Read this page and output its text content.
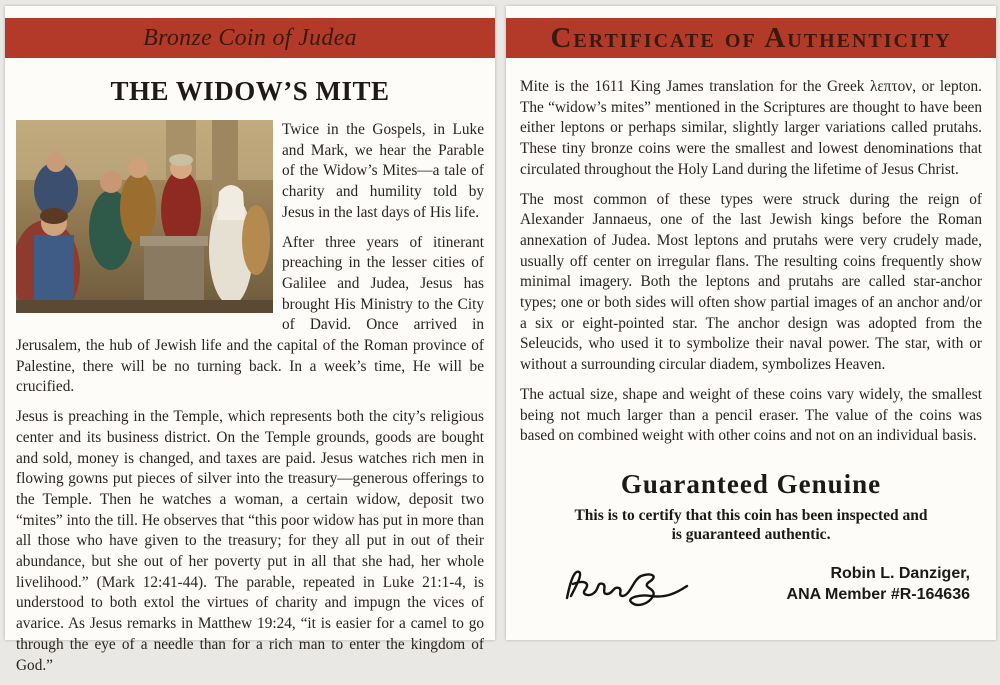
Bronze Coin of Judea
THE WIDOW’S MITE

Twice in the Gospels, in Luke and Mark, we hear the Parable of the Widow’s Mites—a tale of charity and humility told by Jesus in the last days of His life.

After three years of itinerant preaching in the lesser cities of Galilee and Judea, Jesus has brought His Ministry to the City of David. Once arrived in Jerusalem, the hub of Jewish life and the capital of the Roman province of Palestine, there will be no turning back. In a week’s time, He will be crucified.

Jesus is preaching in the Temple, which represents both the city’s religious center and its business district. On the Temple grounds, goods are bought and sold, money is changed, and taxes are paid. Jesus watches rich men in flowing gowns put pieces of silver into the treasury—generous offerings to the Temple. Then he watches a woman, a certain widow, deposit two “mites” into the till. He observes that “this poor widow has put in more than all those who have given to the treasury; for they all put in out of their abundance, but she out of her poverty put in all that she had, her whole livelihood.” (Mark 12:41-44). The parable, repeated in Luke 21:1-4, is understood to both extol the virtues of charity and impugn the vices of avarice. As Jesus remarks in Matthew 19:24, “it is easier for a camel to go through the eye of a needle than for a rich man to enter the kingdom of God.”

Certificate of Authenticity

Mite is the 1611 King James translation for the Greek λεπτον, or lepton. The “widow’s mites” mentioned in the Scriptures are thought to have been either leptons or perhaps similar, slightly larger variations called prutahs. These tiny bronze coins were the smallest and lowest denominations that circulated throughout the Holy Land during the lifetime of Jesus Christ.

The most common of these types were struck during the reign of Alexander Jannaeus, one of the last Jewish kings before the Roman annexation of Judea. Most leptons and prutahs were very crudely made, usually off center on irregular flans. The resulting coins frequently show minimal imagery. Both the leptons and prutahs are called star-anchor types; one or both sides will often show partial images of an anchor and/or a six or eight-pointed star. The anchor design was adopted from the Seleucids, who used it to symbolize their naval power. The star, with or without a surrounding circular diadem, symbolizes Heaven.

The actual size, shape and weight of these coins vary widely, the smallest being not much larger than a pencil eraser. The value of the coins was based on combined weight with other coins and not on an individual basis.

Guaranteed Genuine
This is to certify that this coin has been inspected and
is guaranteed authentic.
Robin L. Danziger,
ANA Member #R-164636
